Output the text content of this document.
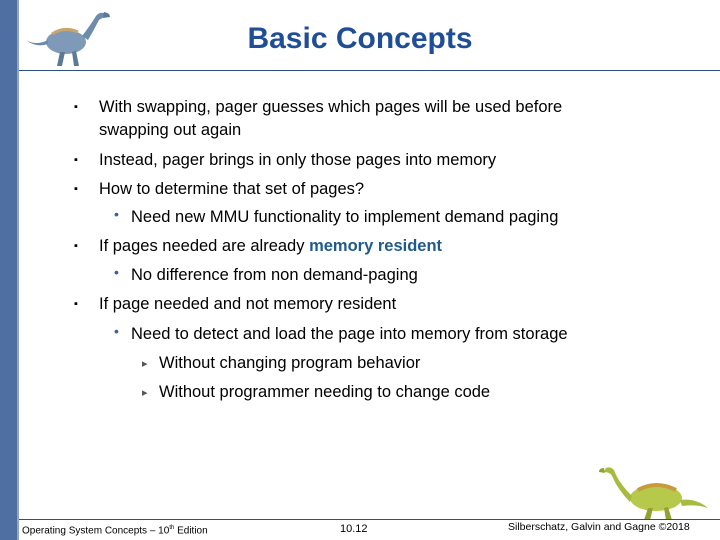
Basic Concepts
▪ With swapping, pager guesses which pages will be used before
swapping out again
▪ Instead, pager brings in only those pages into memory
▪ How to determine that set of pages?
• Need new MMU functionality to implement demand paging
▪ If pages needed are already memory resident
• No difference from non demand-paging
▪ If page needed and not memory resident
• Need to detect and load the page into memory from storage
▸ Without changing program behavior
▸ Without programmer needing to change code
Operating System Concepts – 10th Edition	10.12	Silberschatz, Galvin and Gagne ©2018
